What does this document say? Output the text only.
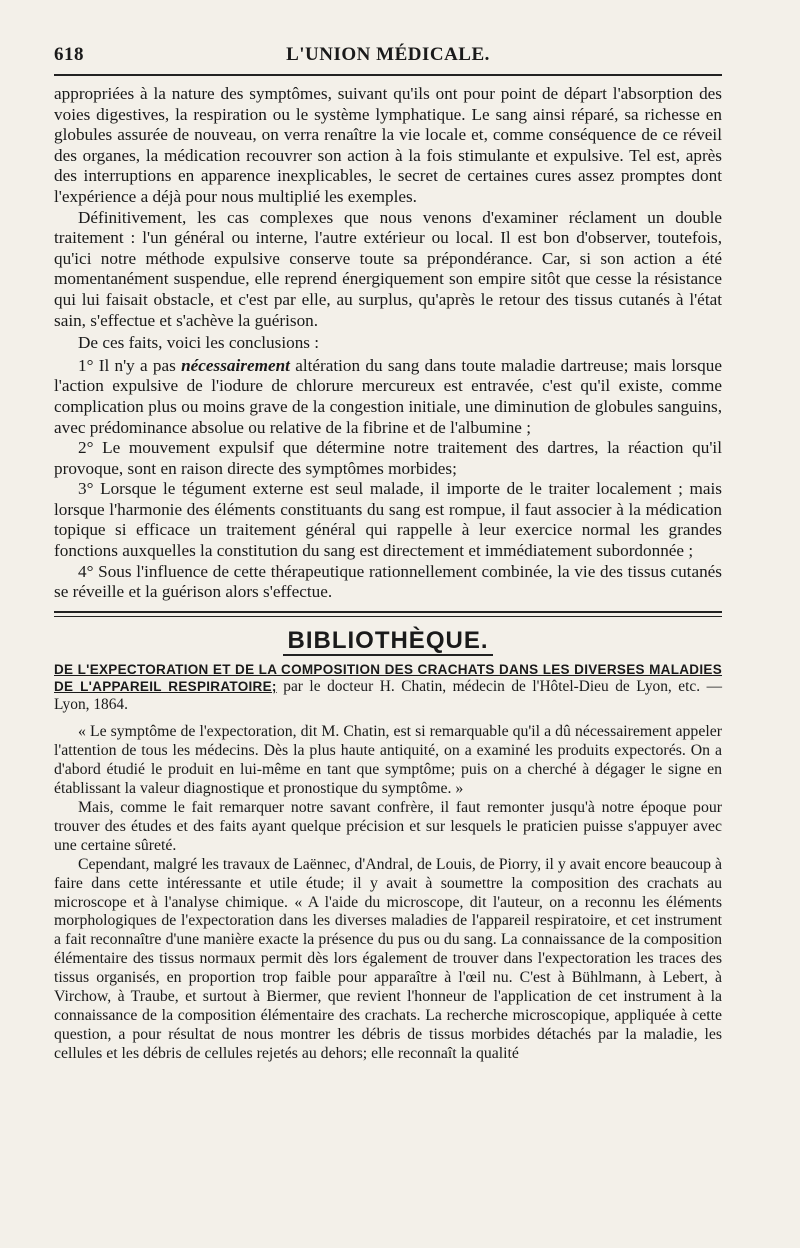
618	L'UNION MÉDICALE.

appropriées à la nature des symptômes, suivant qu'ils ont pour point de départ l'absorption des voies digestives, la respiration ou le système lymphatique. Le sang ainsi réparé, sa richesse en globules assurée de nouveau, on verra renaître la vie locale et, comme conséquence de ce réveil des organes, la médication recouvrer son action à la fois stimulante et expulsive. Tel est, après des interruptions en apparence inexplicables, le secret de certaines cures assez promptes dont l'expérience a déjà pour nous multiplié les exemples.

Définitivement, les cas complexes que nous venons d'examiner réclament un double traitement : l'un général ou interne, l'autre extérieur ou local. Il est bon d'observer, toutefois, qu'ici notre méthode expulsive conserve toute sa prépondérance. Car, si son action a été momentanément suspendue, elle reprend énergiquement son empire sitôt que cesse la résistance qui lui faisait obstacle, et c'est par elle, au surplus, qu'après le retour des tissus cutanés à l'état sain, s'effectue et s'achève la guérison.

De ces faits, voici les conclusions :

1° Il n'y a pas nécessairement altération du sang dans toute maladie dartreuse; mais lorsque l'action expulsive de l'iodure de chlorure mercureux est entravée, c'est qu'il existe, comme complication plus ou moins grave de la congestion initiale, une diminution de globules sanguins, avec prédominance absolue ou relative de la fibrine et de l'albumine ;

2° Le mouvement expulsif que détermine notre traitement des dartres, la réaction qu'il provoque, sont en raison directe des symptômes morbides;

3° Lorsque le tégument externe est seul malade, il importe de le traiter localement ; mais lorsque l'harmonie des éléments constituants du sang est rompue, il faut associer à la médication topique si efficace un traitement général qui rappelle à leur exercice normal les grandes fonctions auxquelles la constitution du sang est directement et immédiatement subordonnée ;

4° Sous l'influence de cette thérapeutique rationnellement combinée, la vie des tissus cutanés se réveille et la guérison alors s'effectue.

BIBLIOTHÈQUE.
DE L'EXPECTORATION ET DE LA COMPOSITION DES CRACHATS DANS LES DIVERSES MALADIES DE L'APPAREIL RESPIRATOIRE; par le docteur H. Chatin, médecin de l'Hôtel-Dieu de Lyon, etc. — Lyon, 1864.

« Le symptôme de l'expectoration, dit M. Chatin, est si remarquable qu'il a dû nécessairement appeler l'attention de tous les médecins. Dès la plus haute antiquité, on a examiné les produits expectorés. On a d'abord étudié le produit en lui-même en tant que symptôme; puis on a cherché à dégager le signe en établissant la valeur diagnostique et pronostique du symptôme. »

Mais, comme le fait remarquer notre savant confrère, il faut remonter jusqu'à notre époque pour trouver des études et des faits ayant quelque précision et sur lesquels le praticien puisse s'appuyer avec une certaine sûreté.

Cependant, malgré les travaux de Laënnec, d'Andral, de Louis, de Piorry, il y avait encore beaucoup à faire dans cette intéressante et utile étude; il y avait à soumettre la composition des crachats au microscope et à l'analyse chimique. « A l'aide du microscope, dit l'auteur, on a reconnu les éléments morphologiques de l'expectoration dans les diverses maladies de l'appareil respiratoire, et cet instrument a fait reconnaître d'une manière exacte la présence du pus ou du sang. La connaissance de la composition élémentaire des tissus normaux permit dès lors également de trouver dans l'expectoration les traces des tissus organisés, en proportion trop faible pour apparaître à l'œil nu. C'est à Bühlmann, à Lebert, à Virchow, à Traube, et surtout à Biermer, que revient l'honneur de l'application de cet instrument à la connaissance de la composition élémentaire des crachats. La recherche microscopique, appliquée à cette question, a pour résultat de nous montrer les débris de tissus morbides détachés par la maladie, les cellules et les débris de cellules rejetés au dehors; elle reconnaît la qualité
